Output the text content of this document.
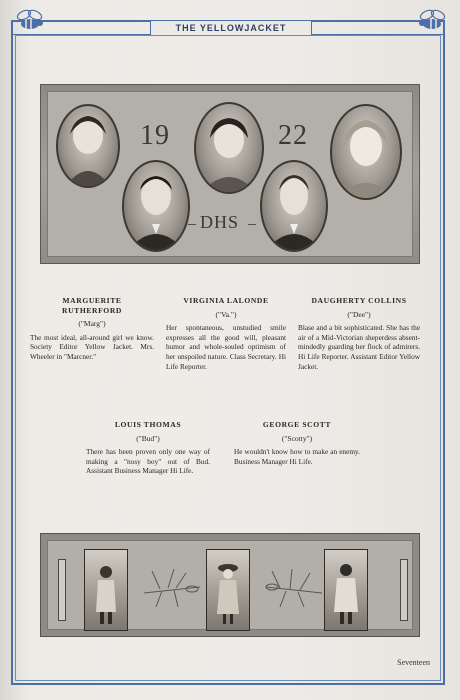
THE YELLOWJACKET
19	22
DHS
MARGUERITE
RUTHERFORD
("Marg")
The most ideal, all-around girl we know. Society Editor Yellow Jacket. Mrs. Wheeler in "Marcner."
VIRGINIA LALONDE
("Va.")
Her spontaneous, unstudied smile expresses all the good will, pleasant humor and whole-souled optimism of her unspoiled nature. Class Secretary. Hi Life Reporter.
DAUGHERTY COLLINS
("Dee")
Blase and a bit sophisticated. She has the air of a Mid-Victorian sheperdess absent-mindedly guarding her flock of admirers. Hi Life Reporter. Assistant Editor Yellow Jacket.
LOUIS THOMAS
("Bud")
There has been proven only one way of making a "nosy boy" out of Bud. Assistant Business Manager Hi Life.
GEORGE SCOTT
("Scotty")
He wouldn't know how to make an enemy. Business Manager Hi Life.
Seventeen
